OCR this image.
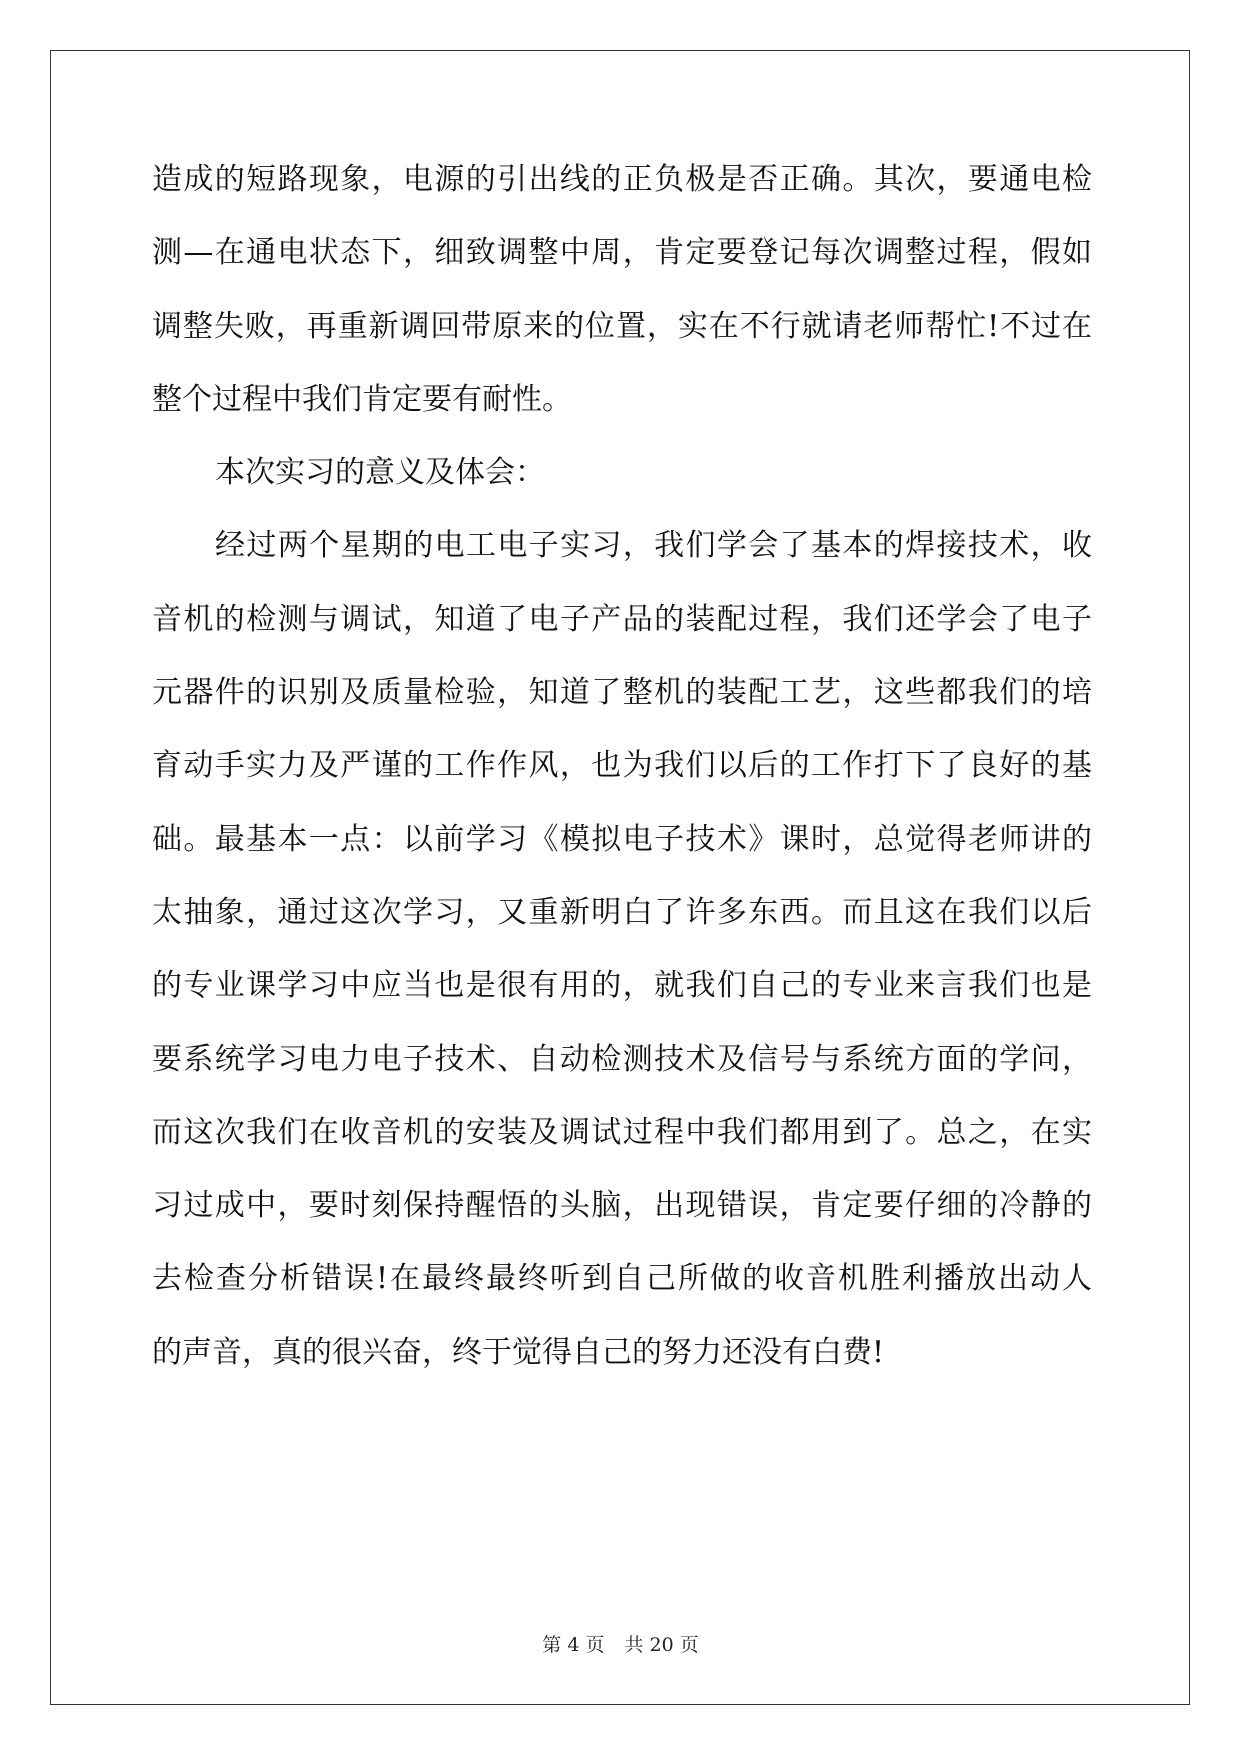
造成的短路现象，电源的引出线的正负极是否正确。其次，要通电检
测—在通电状态下，细致调整中周，肯定要登记每次调整过程，假如
调整失败，再重新调回带原来的位置，实在不行就请老师帮忙!不过在
整个过程中我们肯定要有耐性。
本次实习的意义及体会：
经过两个星期的电工电子实习，我们学会了基本的焊接技术，收
音机的检测与调试，知道了电子产品的装配过程，我们还学会了电子
元器件的识别及质量检验，知道了整机的装配工艺，这些都我们的培
育动手实力及严谨的工作作风，也为我们以后的工作打下了良好的基
础。最基本一点：以前学习《模拟电子技术》课时，总觉得老师讲的
太抽象，通过这次学习，又重新明白了许多东西。而且这在我们以后
的专业课学习中应当也是很有用的，就我们自己的专业来言我们也是
要系统学习电力电子技术、自动检测技术及信号与系统方面的学问，
而这次我们在收音机的安装及调试过程中我们都用到了。总之，在实
习过成中，要时刻保持醒悟的头脑，出现错误，肯定要仔细的冷静的
去检查分析错误!在最终最终听到自己所做的收音机胜利播放出动人
的声音，真的很兴奋，终于觉得自己的努力还没有白费!
第 4 页 共 20 页
